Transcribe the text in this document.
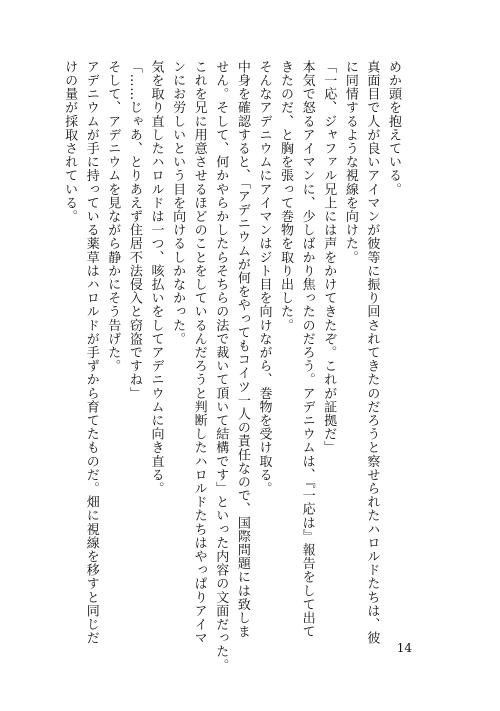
めか頭を抱えている。
真面目で人が良いアイマンが彼等に振り回されてきたのだろうと察せられたハロルドたちは、彼
に同情するような視線を向けた。
「一応、ジャファル兄上には声をかけてきたぞ。これが証拠だ」
本気で怒るアイマンに、少しばかり焦ったのだろう。アデニウムは、『一応は』報告をして出て
きたのだ、と胸を張って巻物を取り出した。
そんなアデニウムにアイマンはジト目を向けながら、巻物を受け取る。
中身を確認すると、「アデニウムが何をやってもコイツ一人の責任なので、国際問題には致しま
せん。そして、何かやらかしたらそちらの法で裁いて頂いて結構です」といった内容の文面だった。
これを兄に用意させるほどのことをしているんだろうと判断したハロルドたちはやっぱりアイマ
ンにお労しいという目を向けるしかなかった。
気を取り直したハロルドは一つ、咳払いをしてアデニウムに向き直る。
「……じゃあ、とりあえず住居不法侵入と窃盗ですね」
そして、アデニウムを見ながら静かにそう告げた。
アデニウムが手に持っている薬草はハロルドが手ずから育てたものだ。畑に視線を移すと同じだ
けの量が採取されている。
14
